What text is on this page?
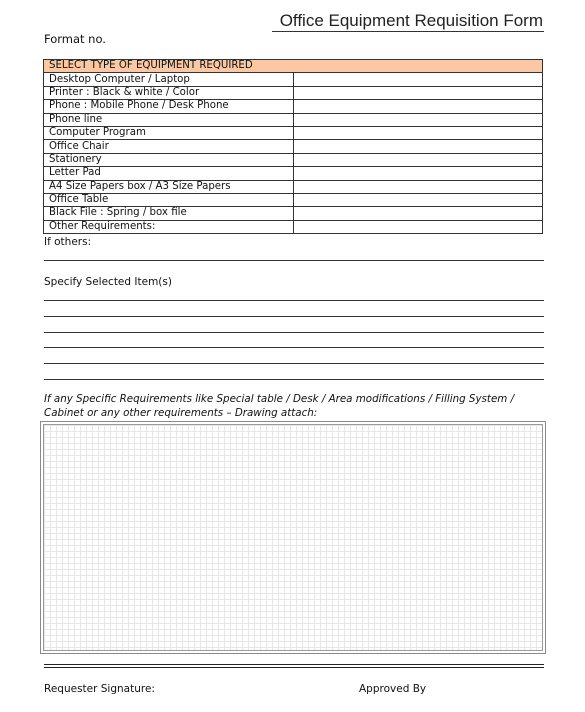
Office Equipment Requisition Form
Format no.
SELECT TYPE OF EQUIPMENT REQUIRED	
Desktop Computer / Laptop	
Printer : Black & white / Color	
Phone : Mobile Phone / Desk Phone	
Phone line	
Computer Program	
Office Chair	
Stationery	
Letter Pad	
A4 Size Papers box / A3 Size Papers	
Office Table	
Black File : Spring / box file	
Other Requirements:	
If others:
Specify Selected Item(s)
If any Specific Requirements like Special table / Desk / Area modifications / Filling System / Cabinet or any other requirements – Drawing attach:
Requester Signature:	Approved By
